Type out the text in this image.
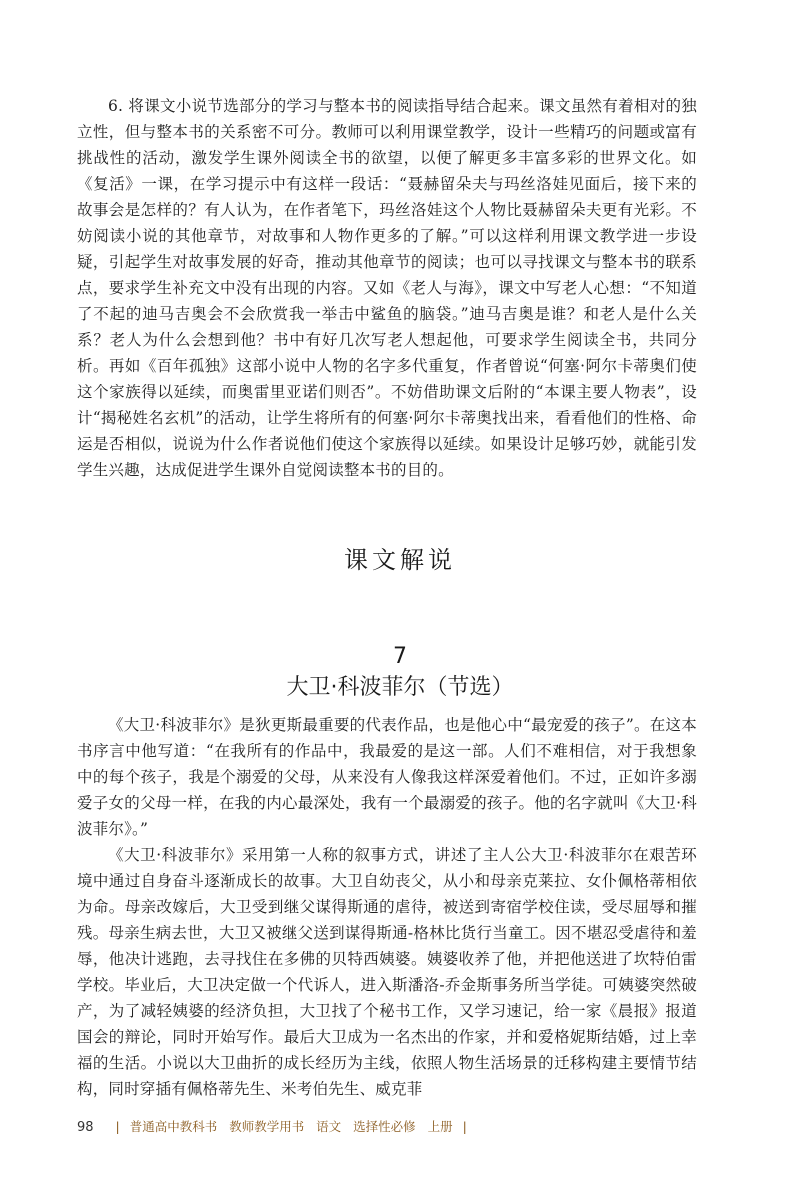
6. 将课文小说节选部分的学习与整本书的阅读指导结合起来。课文虽然有着相对的独立性，但与整本书的关系密不可分。教师可以利用课堂教学，设计一些精巧的问题或富有挑战性的活动，激发学生课外阅读全书的欲望，以便了解更多丰富多彩的世界文化。如《复活》一课，在学习提示中有这样一段话：“聂赫留朵夫与玛丝洛娃见面后，接下来的故事会是怎样的？有人认为，在作者笔下，玛丝洛娃这个人物比聂赫留朵夫更有光彩。不妨阅读小说的其他章节，对故事和人物作更多的了解。”可以这样利用课文教学进一步设疑，引起学生对故事发展的好奇，推动其他章节的阅读；也可以寻找课文与整本书的联系点，要求学生补充文中没有出现的内容。又如《老人与海》，课文中写老人心想：“不知道了不起的迪马吉奥会不会欣赏我一举击中鲨鱼的脑袋。”迪马吉奥是谁？和老人是什么关系？老人为什么会想到他？书中有好几次写老人想起他，可要求学生阅读全书，共同分析。再如《百年孤独》这部小说中人物的名字多代重复，作者曾说“何塞·阿尔卡蒂奥们使这个家族得以延续，而奥雷里亚诺们则否”。不妨借助课文后附的“本课主要人物表”，设计“揭秘姓名玄机”的活动，让学生将所有的何塞·阿尔卡蒂奥找出来，看看他们的性格、命运是否相似，说说为什么作者说他们使这个家族得以延续。如果设计足够巧妙，就能引发学生兴趣，达成促进学生课外自觉阅读整本书的目的。

课文解说
7
大卫·科波菲尔（节选）

《大卫·科波菲尔》是狄更斯最重要的代表作品，也是他心中“最宠爱的孩子”。在这本书序言中他写道：“在我所有的作品中，我最爱的是这一部。人们不难相信，对于我想象中的每个孩子，我是个溺爱的父母，从来没有人像我这样深爱着他们。不过，正如许多溺爱子女的父母一样，在我的内心最深处，我有一个最溺爱的孩子。他的名字就叫《大卫·科波菲尔》。”

《大卫·科波菲尔》采用第一人称的叙事方式，讲述了主人公大卫·科波菲尔在艰苦环境中通过自身奋斗逐渐成长的故事。大卫自幼丧父，从小和母亲克莱拉、女仆佩格蒂相依为命。母亲改嫁后，大卫受到继父谋得斯通的虐待，被送到寄宿学校住读，受尽屈辱和摧残。母亲生病去世，大卫又被继父送到谋得斯通-格林比货行当童工。因不堪忍受虐待和羞辱，他决计逃跑，去寻找住在多佛的贝特西姨婆。姨婆收养了他，并把他送进了坎特伯雷学校。毕业后，大卫决定做一个代诉人，进入斯潘洛-乔金斯事务所当学徒。可姨婆突然破产，为了减轻姨婆的经济负担，大卫找了个秘书工作，又学习速记，给一家《晨报》报道国会的辩论，同时开始写作。最后大卫成为一名杰出的作家，并和爱格妮斯结婚，过上幸福的生活。小说以大卫曲折的成长经历为主线，依照人物生活场景的迁移构建主要情节结构，同时穿插有佩格蒂先生、米考伯先生、威克菲

98 | 普通高中教科书 教师教学用书 语文 选择性必修 上册 |
